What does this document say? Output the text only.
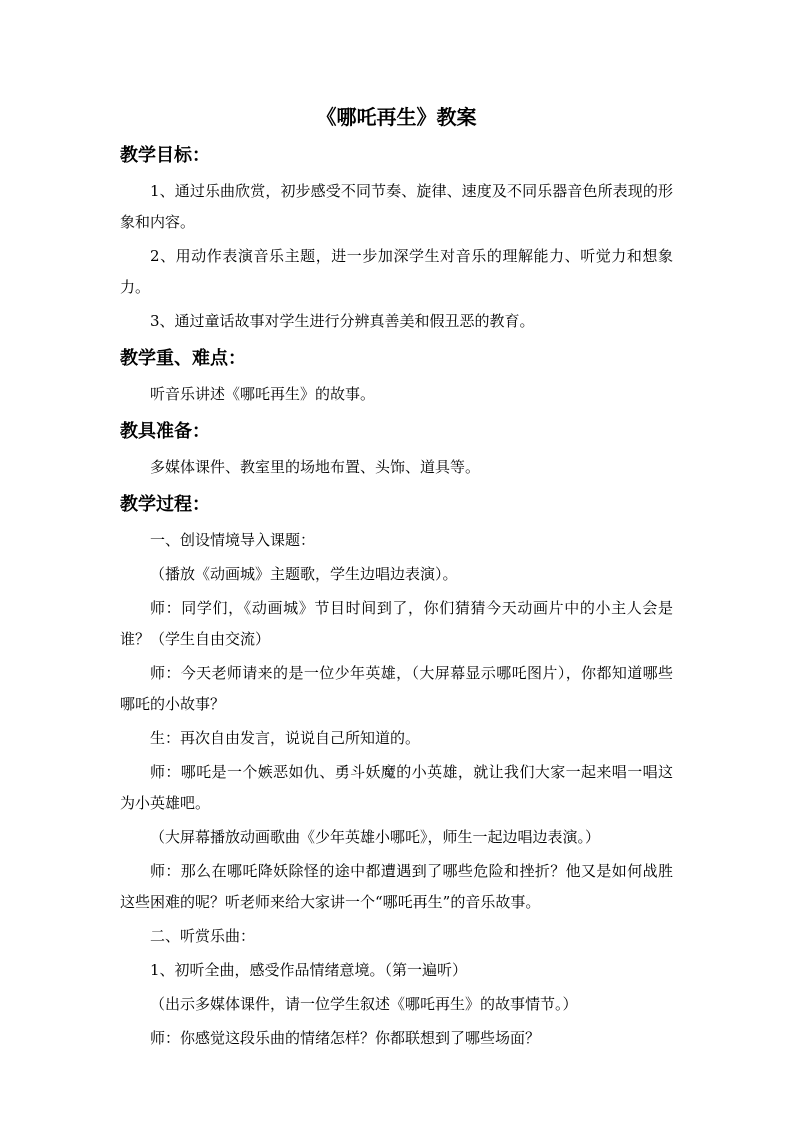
《哪吒再生》教案
教学目标：

1、通过乐曲欣赏，初步感受不同节奏、旋律、速度及不同乐器音色所表现的形象和内容。

2、用动作表演音乐主题，进一步加深学生对音乐的理解能力、听觉力和想象力。

3、通过童话故事对学生进行分辨真善美和假丑恶的教育。

教学重、难点：

听音乐讲述《哪吒再生》的故事。

教具准备：

多媒体课件、教室里的场地布置、头饰、道具等。

教学过程：

一、创设情境导入课题：

（播放《动画城》主题歌，学生边唱边表演）。

师：同学们，《动画城》节目时间到了，你们猜猜今天动画片中的小主人会是谁？（学生自由交流）

师：今天老师请来的是一位少年英雄，（大屏幕显示哪吒图片），你都知道哪些哪吒的小故事？

生：再次自由发言，说说自己所知道的。

师：哪吒是一个嫉恶如仇、勇斗妖魔的小英雄，就让我们大家一起来唱一唱这为小英雄吧。

（大屏幕播放动画歌曲《少年英雄小哪吒》，师生一起边唱边表演。）

师：那么在哪吒降妖除怪的途中都遭遇到了哪些危险和挫折？他又是如何战胜这些困难的呢？听老师来给大家讲一个“哪吒再生”的音乐故事。

二、听赏乐曲：

1、初听全曲，感受作品情绪意境。（第一遍听）

（出示多媒体课件，请一位学生叙述《哪吒再生》的故事情节。）

师：你感觉这段乐曲的情绪怎样？你都联想到了哪些场面？
